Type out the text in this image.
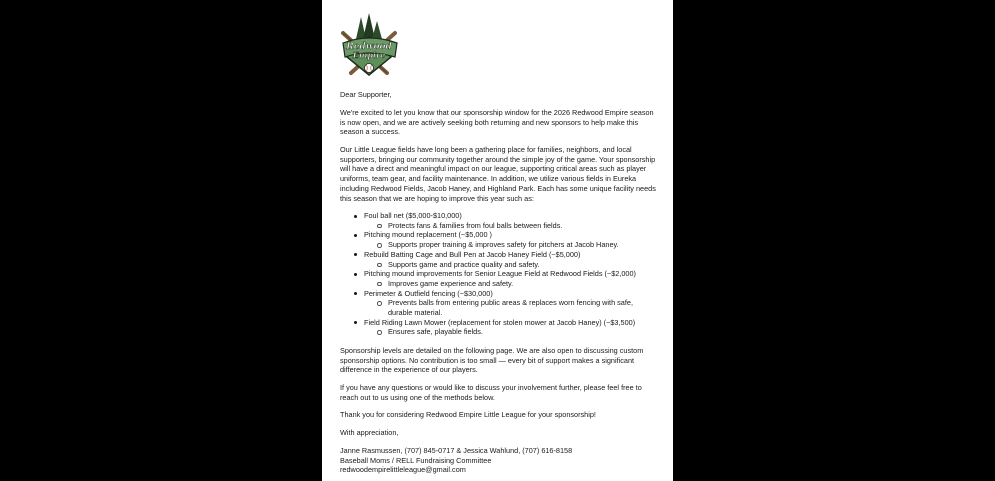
Redwood
Empire

Dear Supporter,

We're excited to let you know that our sponsorship window for the 2026 Redwood Empire season is now open, and we are actively seeking both returning and new sponsors to help make this season a success.

Our Little League fields have long been a gathering place for families, neighbors, and local supporters, bringing our community together around the simple joy of the game. Your sponsorship will have a direct and meaningful impact on our league, supporting critical areas such as player uniforms, team gear, and facility maintenance. In addition, we utilize various fields in Eureka including Redwood Fields, Jacob Haney, and Highland Park. Each has some unique facility needs this season that we are hoping to improve this year such as:

Foul ball net ($5,000-$10,000)
Protects fans & families from foul balls between fields.
Pitching mound replacement (~$5,000 )
Supports proper training & improves safety for pitchers at Jacob Haney.
Rebuild Batting Cage and Bull Pen at Jacob Haney Field (~$5,000)
Supports game and practice quality and safety.
Pitching mound improvements for Senior League Field at Redwood Fields (~$2,000)
Improves game experience and safety.
Perimeter & Outfield fencing (~$30,000)
Prevents balls from entering public areas & replaces worn fencing with safe, durable material.
Field Riding Lawn Mower (replacement for stolen mower at Jacob Haney) (~$3,500)
Ensures safe, playable fields.

Sponsorship levels are detailed on the following page. We are also open to discussing custom sponsorship options. No contribution is too small — every bit of support makes a significant difference in the experience of our players.

If you have any questions or would like to discuss your involvement further, please feel free to reach out to us using one of the methods below.

Thank you for considering Redwood Empire Little League for your sponsorship!

With appreciation,

Janne Rasmussen, (707) 845-0717 & Jessica Wahlund, (707) 616-8158
Baseball Moms / RELL Fundraising Committee
redwoodempirelittleleague@gmail.com
